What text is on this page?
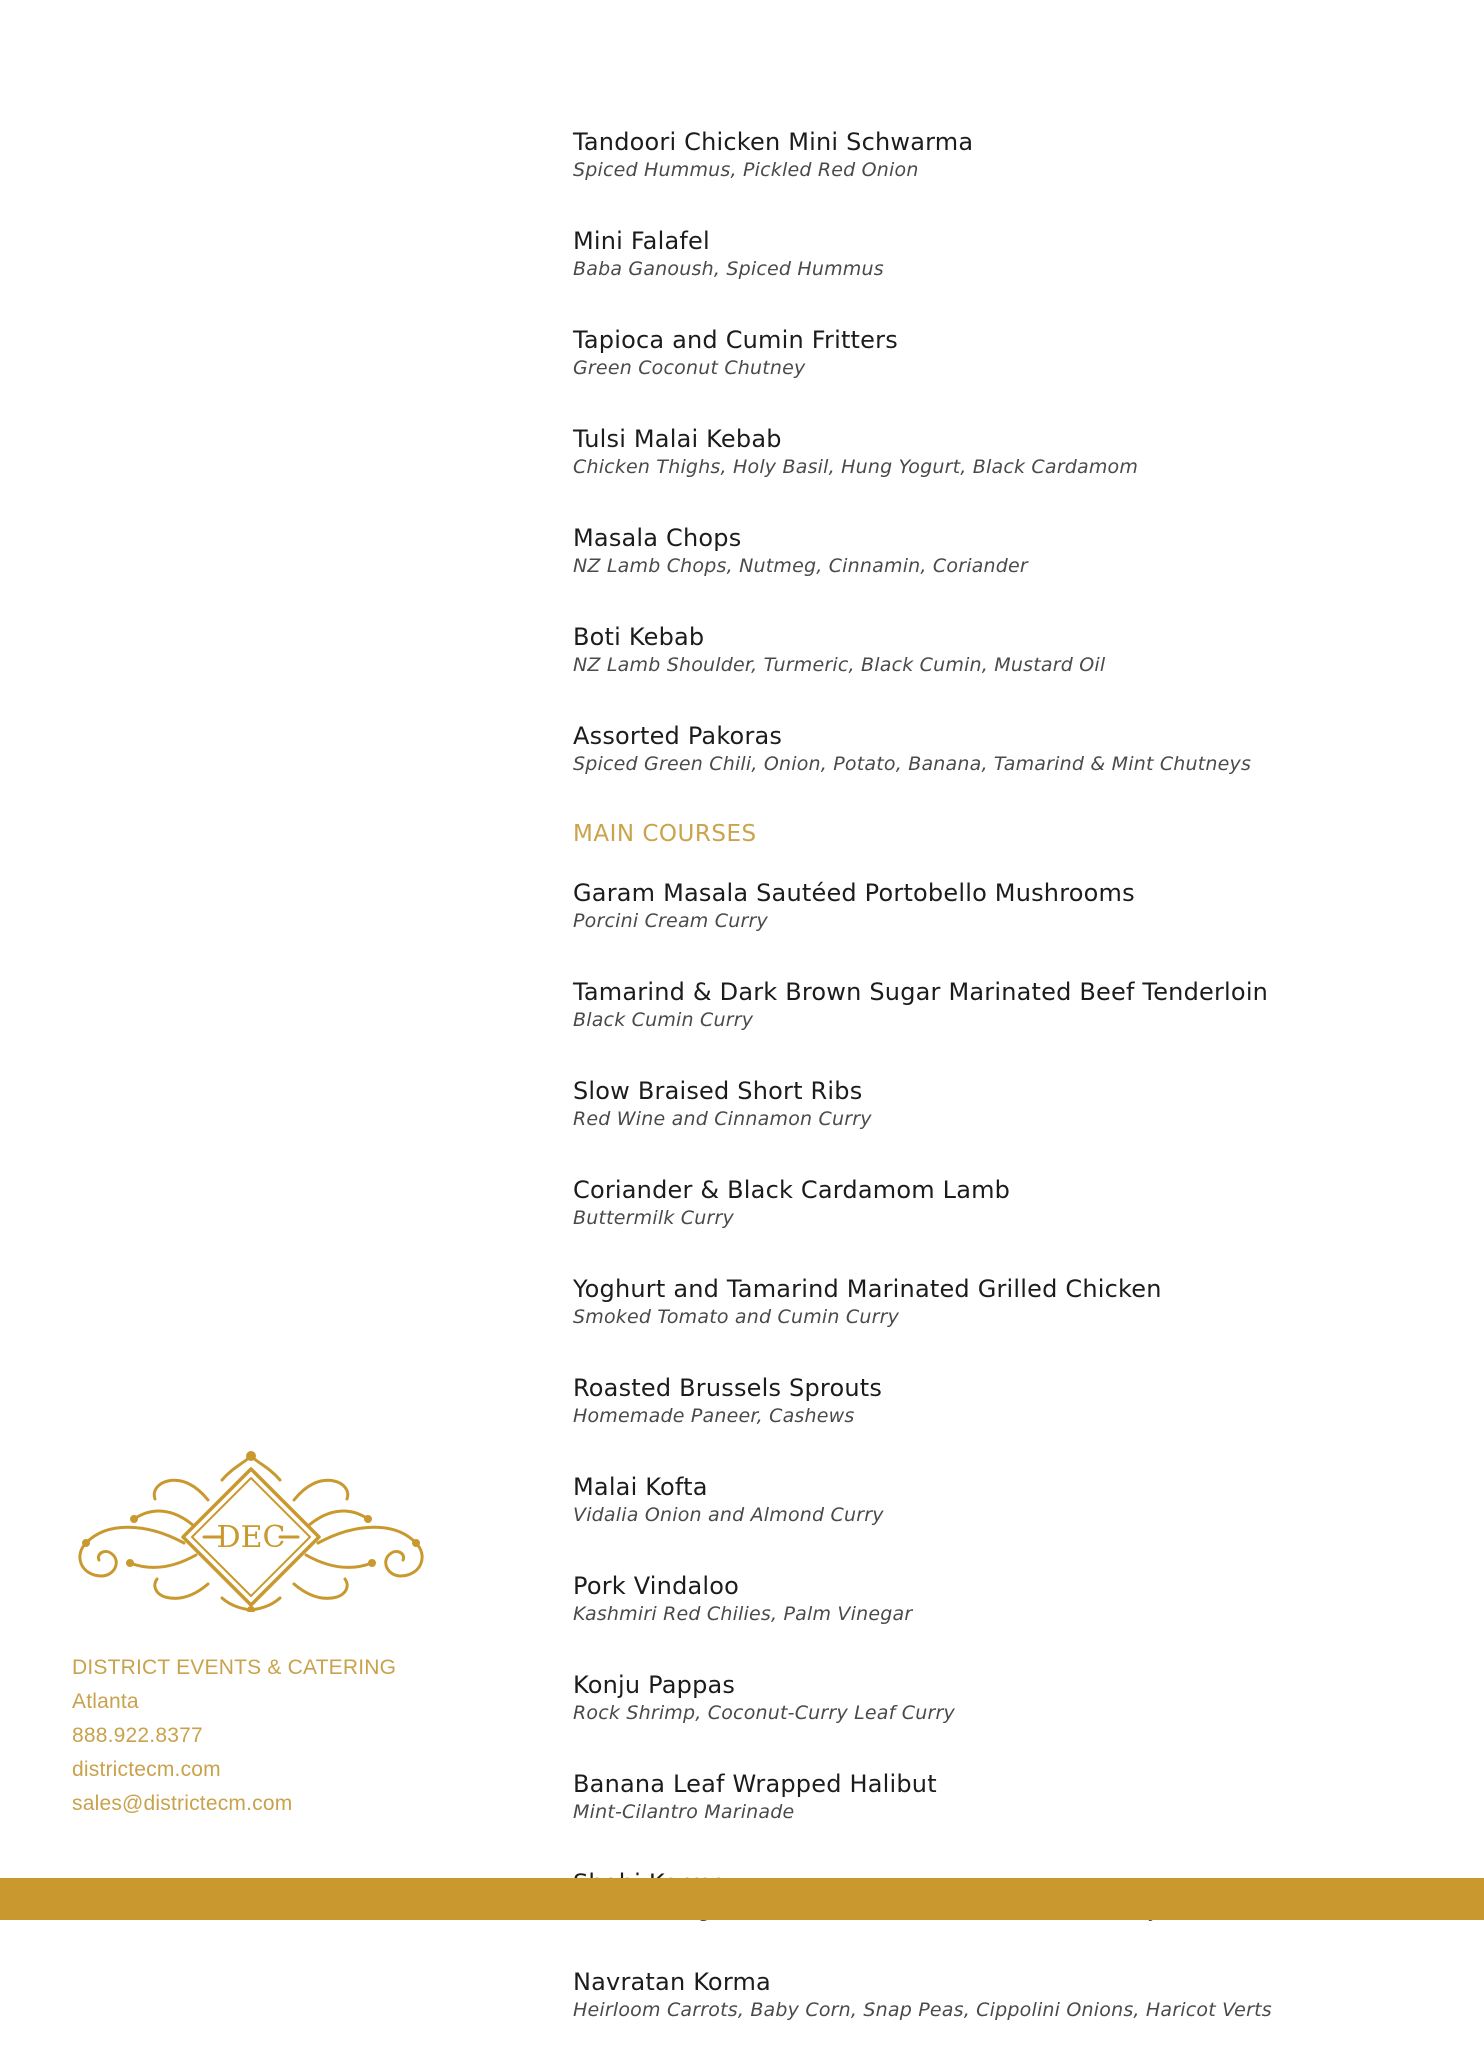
Tandoori Chicken Mini Schwarma
Spiced Hummus, Pickled Red Onion
Mini Falafel
Baba Ganoush, Spiced Hummus
Tapioca and Cumin Fritters
Green Coconut Chutney
Tulsi Malai Kebab
Chicken Thighs, Holy Basil, Hung Yogurt, Black Cardamom
Masala Chops
NZ Lamb Chops, Nutmeg, Cinnamin, Coriander
Boti Kebab
NZ Lamb Shoulder, Turmeric, Black Cumin, Mustard Oil
Assorted Pakoras
Spiced Green Chili, Onion, Potato, Banana, Tamarind & Mint Chutneys
MAIN COURSES
Garam Masala Sautéed Portobello Mushrooms
Porcini Cream Curry
Tamarind & Dark Brown Sugar Marinated Beef Tenderloin
Black Cumin Curry
Slow Braised Short Ribs
Red Wine and Cinnamon Curry
Coriander & Black Cardamom Lamb
Buttermilk Curry
Yoghurt and Tamarind Marinated Grilled Chicken
Smoked Tomato and Cumin Curry
Roasted Brussels Sprouts
Homemade Paneer, Cashews
Malai Kofta
Vidalia Onion and Almond Curry
Pork Vindaloo
Kashmiri Red Chilies, Palm Vinegar
Konju Pappas
Rock Shrimp, Coconut-Curry Leaf Curry
Banana Leaf Wrapped Halibut
Mint-Cilantro Marinade
Navratan Korma
Heirloom Carrots, Baby Corn, Snap Peas, Cippolini Onions, Haricot Verts
DEC

DISTRICT EVENTS & CATERING

Atlanta

888.922.8377

districtecm.com

sales@districtecm.com
